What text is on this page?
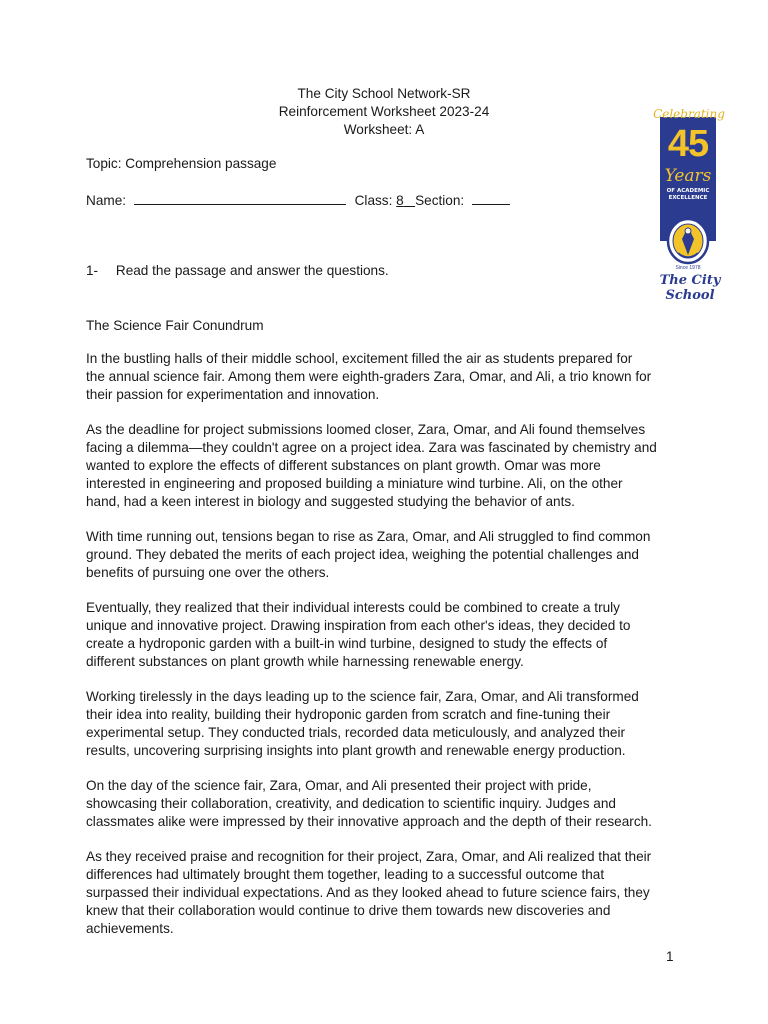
The City School Network-SR
Reinforcement Worksheet 2023-24
Worksheet: A
Topic: Comprehension passage
Name:	Class: 8 Section:
1- Read the passage and answer the questions.
The Science Fair Conundrum

In the bustling halls of their middle school, excitement filled the air as students prepared for
the annual science fair. Among them were eighth-graders Zara, Omar, and Ali, a trio known for
their passion for experimentation and innovation.

As the deadline for project submissions loomed closer, Zara, Omar, and Ali found themselves
facing a dilemma—they couldn't agree on a project idea. Zara was fascinated by chemistry and
wanted to explore the effects of different substances on plant growth. Omar was more
interested in engineering and proposed building a miniature wind turbine. Ali, on the other
hand, had a keen interest in biology and suggested studying the behavior of ants.

With time running out, tensions began to rise as Zara, Omar, and Ali struggled to find common
ground. They debated the merits of each project idea, weighing the potential challenges and
benefits of pursuing one over the others.

Eventually, they realized that their individual interests could be combined to create a truly
unique and innovative project. Drawing inspiration from each other's ideas, they decided to
create a hydroponic garden with a built-in wind turbine, designed to study the effects of
different substances on plant growth while harnessing renewable energy.

Working tirelessly in the days leading up to the science fair, Zara, Omar, and Ali transformed
their idea into reality, building their hydroponic garden from scratch and fine-tuning their
experimental setup. They conducted trials, recorded data meticulously, and analyzed their
results, uncovering surprising insights into plant growth and renewable energy production.

On the day of the science fair, Zara, Omar, and Ali presented their project with pride,
showcasing their collaboration, creativity, and dedication to scientific inquiry. Judges and
classmates alike were impressed by their innovative approach and the depth of their research.

As they received praise and recognition for their project, Zara, Omar, and Ali realized that their
differences had ultimately brought them together, leading to a successful outcome that
surpassed their individual expectations. And as they looked ahead to future science fairs, they
knew that their collaboration would continue to drive them towards new discoveries and
achievements.

1
Celebrating
45
Years
OF ACADEMIC
EXCELLENCE
Since 1978
The City School
